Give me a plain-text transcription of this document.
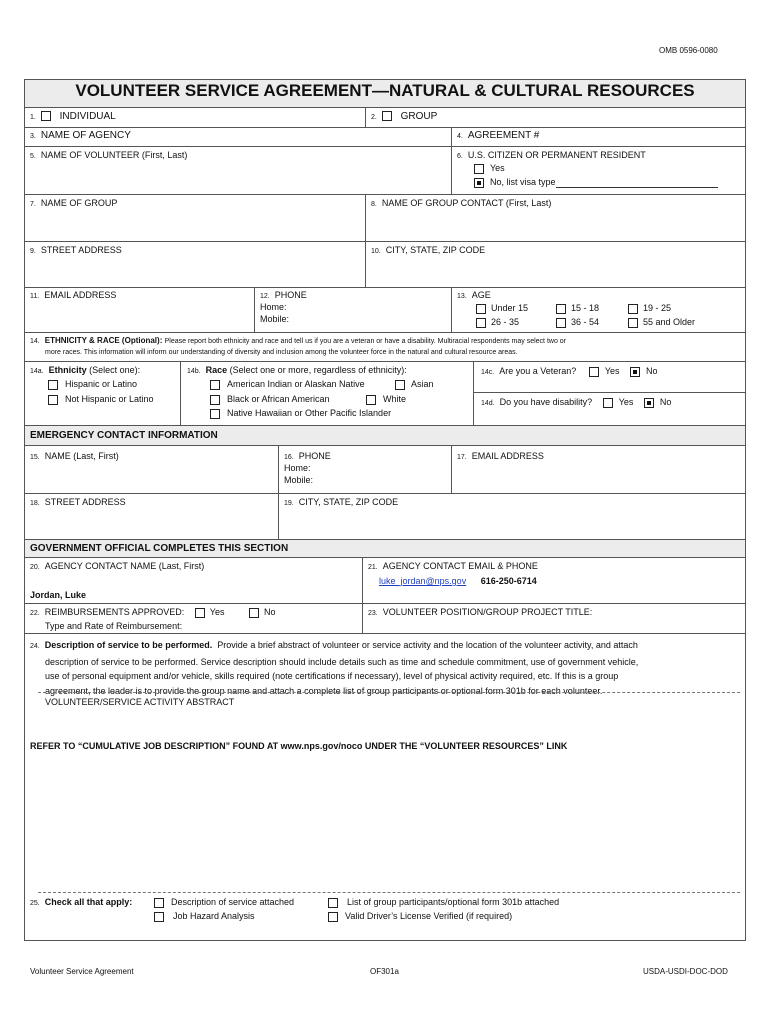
OMB 0596-0080
VOLUNTEER SERVICE AGREEMENT—NATURAL & CULTURAL RESOURCES
1. INDIVIDUAL	2. GROUP
3. NAME OF AGENCY	4. AGREEMENT #
5. NAME OF VOLUNTEER (First, Last)	6. U.S. CITIZEN OR PERMANENT RESIDENT
Yes
No, list visa type
7. NAME OF GROUP	8. NAME OF GROUP CONTACT (First, Last)
9. STREET ADDRESS	10. CITY, STATE, ZIP CODE
11. EMAIL ADDRESS	12. PHONE
Home:
Mobile:
13. AGE
Under 15	15 - 18	19 - 25
26 - 35	36 - 54	55 and Older
14. ETHNICITY & RACE (Optional): Please report both ethnicity and race and tell us if you are a veteran or have a disability. Multiracial respondents may select two or
more races. This information will inform our understanding of diversity and inclusion among the volunteer force in the natural and cultural resource areas.
14a. Ethnicity (Select one):
Hispanic or Latino
Not Hispanic or Latino
14b. Race (Select one or more, regardless of ethnicity):
American Indian or Alaskan Native	Asian
Black or African American	White
Native Hawaiian or Other Pacific Islander
14c. Are you a Veteran?	Yes	No
14d. Do you have disability?	Yes	No
EMERGENCY CONTACT INFORMATION
15. NAME (Last, First)	16. PHONE
Home:
Mobile:
17. EMAIL ADDRESS
18. STREET ADDRESS	19. CITY, STATE, ZIP CODE
GOVERNMENT OFFICIAL COMPLETES THIS SECTION
20. AGENCY CONTACT NAME (Last, First)
Jordan, Luke
21. AGENCY CONTACT EMAIL & PHONE
luke_jordan@nps.gov 616-250-6714
22. REIMBURSEMENTS APPROVED:	Yes	No
Type and Rate of Reimbursement:
23. VOLUNTEER POSITION/GROUP PROJECT TITLE:
24. Description of service to be performed. Provide a brief abstract of volunteer or service activity and the location of the volunteer activity, and attach
description of service to be performed. Service description should include details such as time and schedule commitment, use of government vehicle,
use of personal equipment and/or vehicle, skills required (note certifications if necessary), level of physical activity required, etc. If this is a group
agreement, the leader is to provide the group name and attach a complete list of group participants or optional form 301b for each volunteer.
VOLUNTEER/SERVICE ACTIVITY ABSTRACT
REFER TO “CUMULATIVE JOB DESCRIPTION” FOUND AT www.nps.gov/noco UNDER THE “VOLUNTEER RESOURCES” LINK
25. Check all that apply:	Description of service attached
Job Hazard Analysis
List of group participants/optional form 301b attached
Valid Driver’s License Verified (if required)
Volunteer Service Agreement	OF301a	USDA-USDI-DOC-DOD
